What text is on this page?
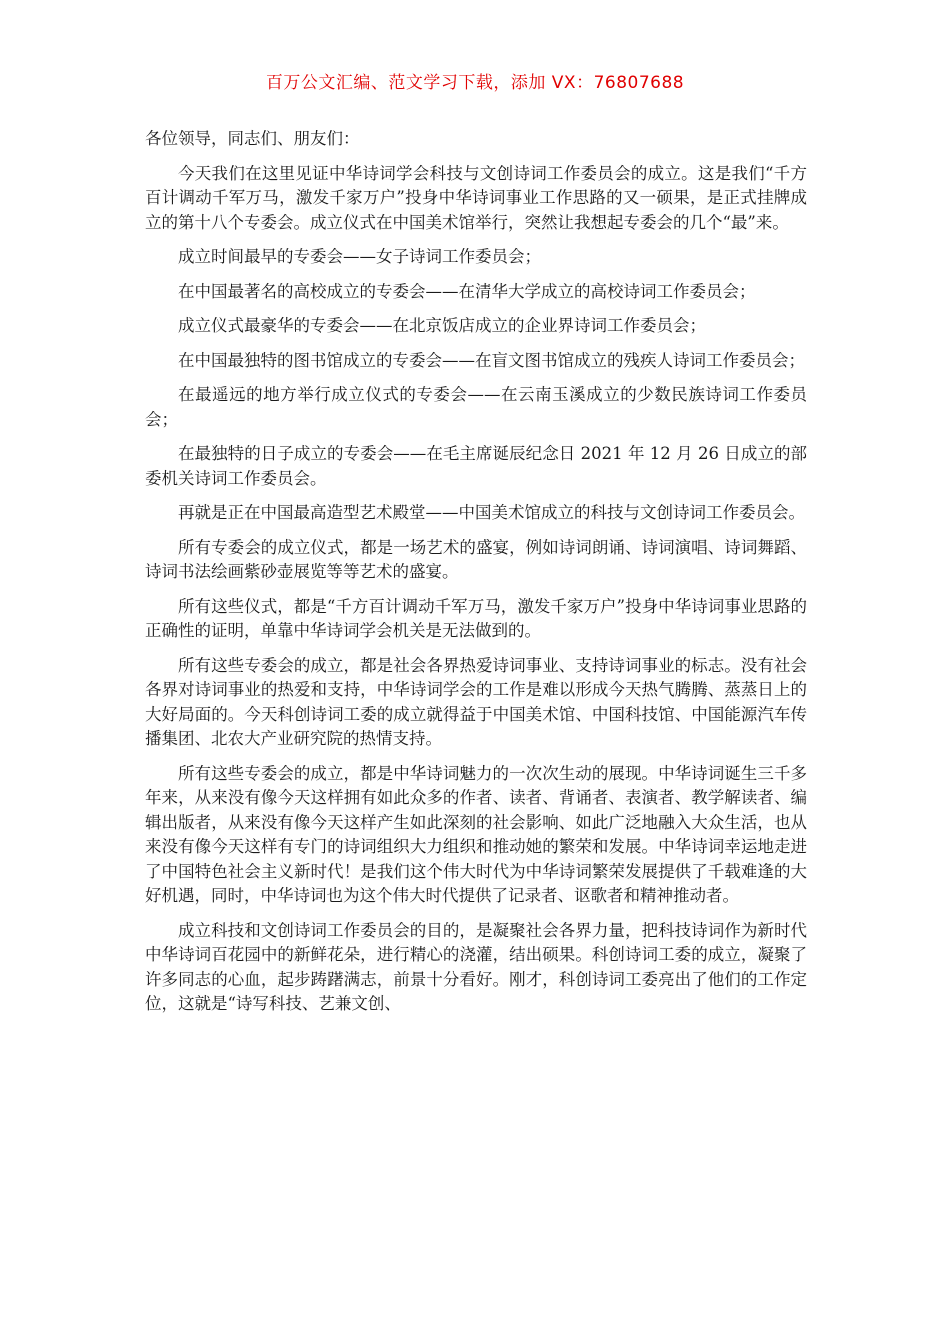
百万公文汇编、范文学习下载，添加 VX：76807688

各位领导，同志们、朋友们：

今天我们在这里见证中华诗词学会科技与文创诗词工作委员会的成立。这是我们“千方百计调动千军万马，激发千家万户”投身中华诗词事业工作思路的又一硕果，是正式挂牌成立的第十八个专委会。成立仪式在中国美术馆举行，突然让我想起专委会的几个“最”来。

成立时间最早的专委会——女子诗词工作委员会；

在中国最著名的高校成立的专委会——在清华大学成立的高校诗词工作委员会；

成立仪式最豪华的专委会——在北京饭店成立的企业界诗词工作委员会；

在中国最独特的图书馆成立的专委会——在盲文图书馆成立的残疾人诗词工作委员会；

在最遥远的地方举行成立仪式的专委会——在云南玉溪成立的少数民族诗词工作委员会；

在最独特的日子成立的专委会——在毛主席诞辰纪念日 2021 年 12 月 26 日成立的部委机关诗词工作委员会。

再就是正在中国最高造型艺术殿堂——中国美术馆成立的科技与文创诗词工作委员会。

所有专委会的成立仪式，都是一场艺术的盛宴，例如诗词朗诵、诗词演唱、诗词舞蹈、诗词书法绘画紫砂壶展览等等艺术的盛宴。

所有这些仪式，都是“千方百计调动千军万马，激发千家万户”投身中华诗词事业思路的正确性的证明，单靠中华诗词学会机关是无法做到的。

所有这些专委会的成立，都是社会各界热爱诗词事业、支持诗词事业的标志。没有社会各界对诗词事业的热爱和支持，中华诗词学会的工作是难以形成今天热气腾腾、蒸蒸日上的大好局面的。今天科创诗词工委的成立就得益于中国美术馆、中国科技馆、中国能源汽车传播集团、北农大产业研究院的热情支持。

所有这些专委会的成立，都是中华诗词魅力的一次次生动的展现。中华诗词诞生三千多年来，从来没有像今天这样拥有如此众多的作者、读者、背诵者、表演者、教学解读者、编辑出版者，从来没有像今天这样产生如此深刻的社会影响、如此广泛地融入大众生活，也从来没有像今天这样有专门的诗词组织大力组织和推动她的繁荣和发展。中华诗词幸运地走进了中国特色社会主义新时代！是我们这个伟大时代为中华诗词繁荣发展提供了千载难逢的大好机遇，同时，中华诗词也为这个伟大时代提供了记录者、讴歌者和精神推动者。

成立科技和文创诗词工作委员会的目的，是凝聚社会各界力量，把科技诗词作为新时代中华诗词百花园中的新鲜花朵，进行精心的浇灌，结出硕果。科创诗词工委的成立，凝聚了许多同志的心血，起步踌躇满志，前景十分看好。刚才，科创诗词工委亮出了他们的工作定位，这就是“诗写科技、艺兼文创、
